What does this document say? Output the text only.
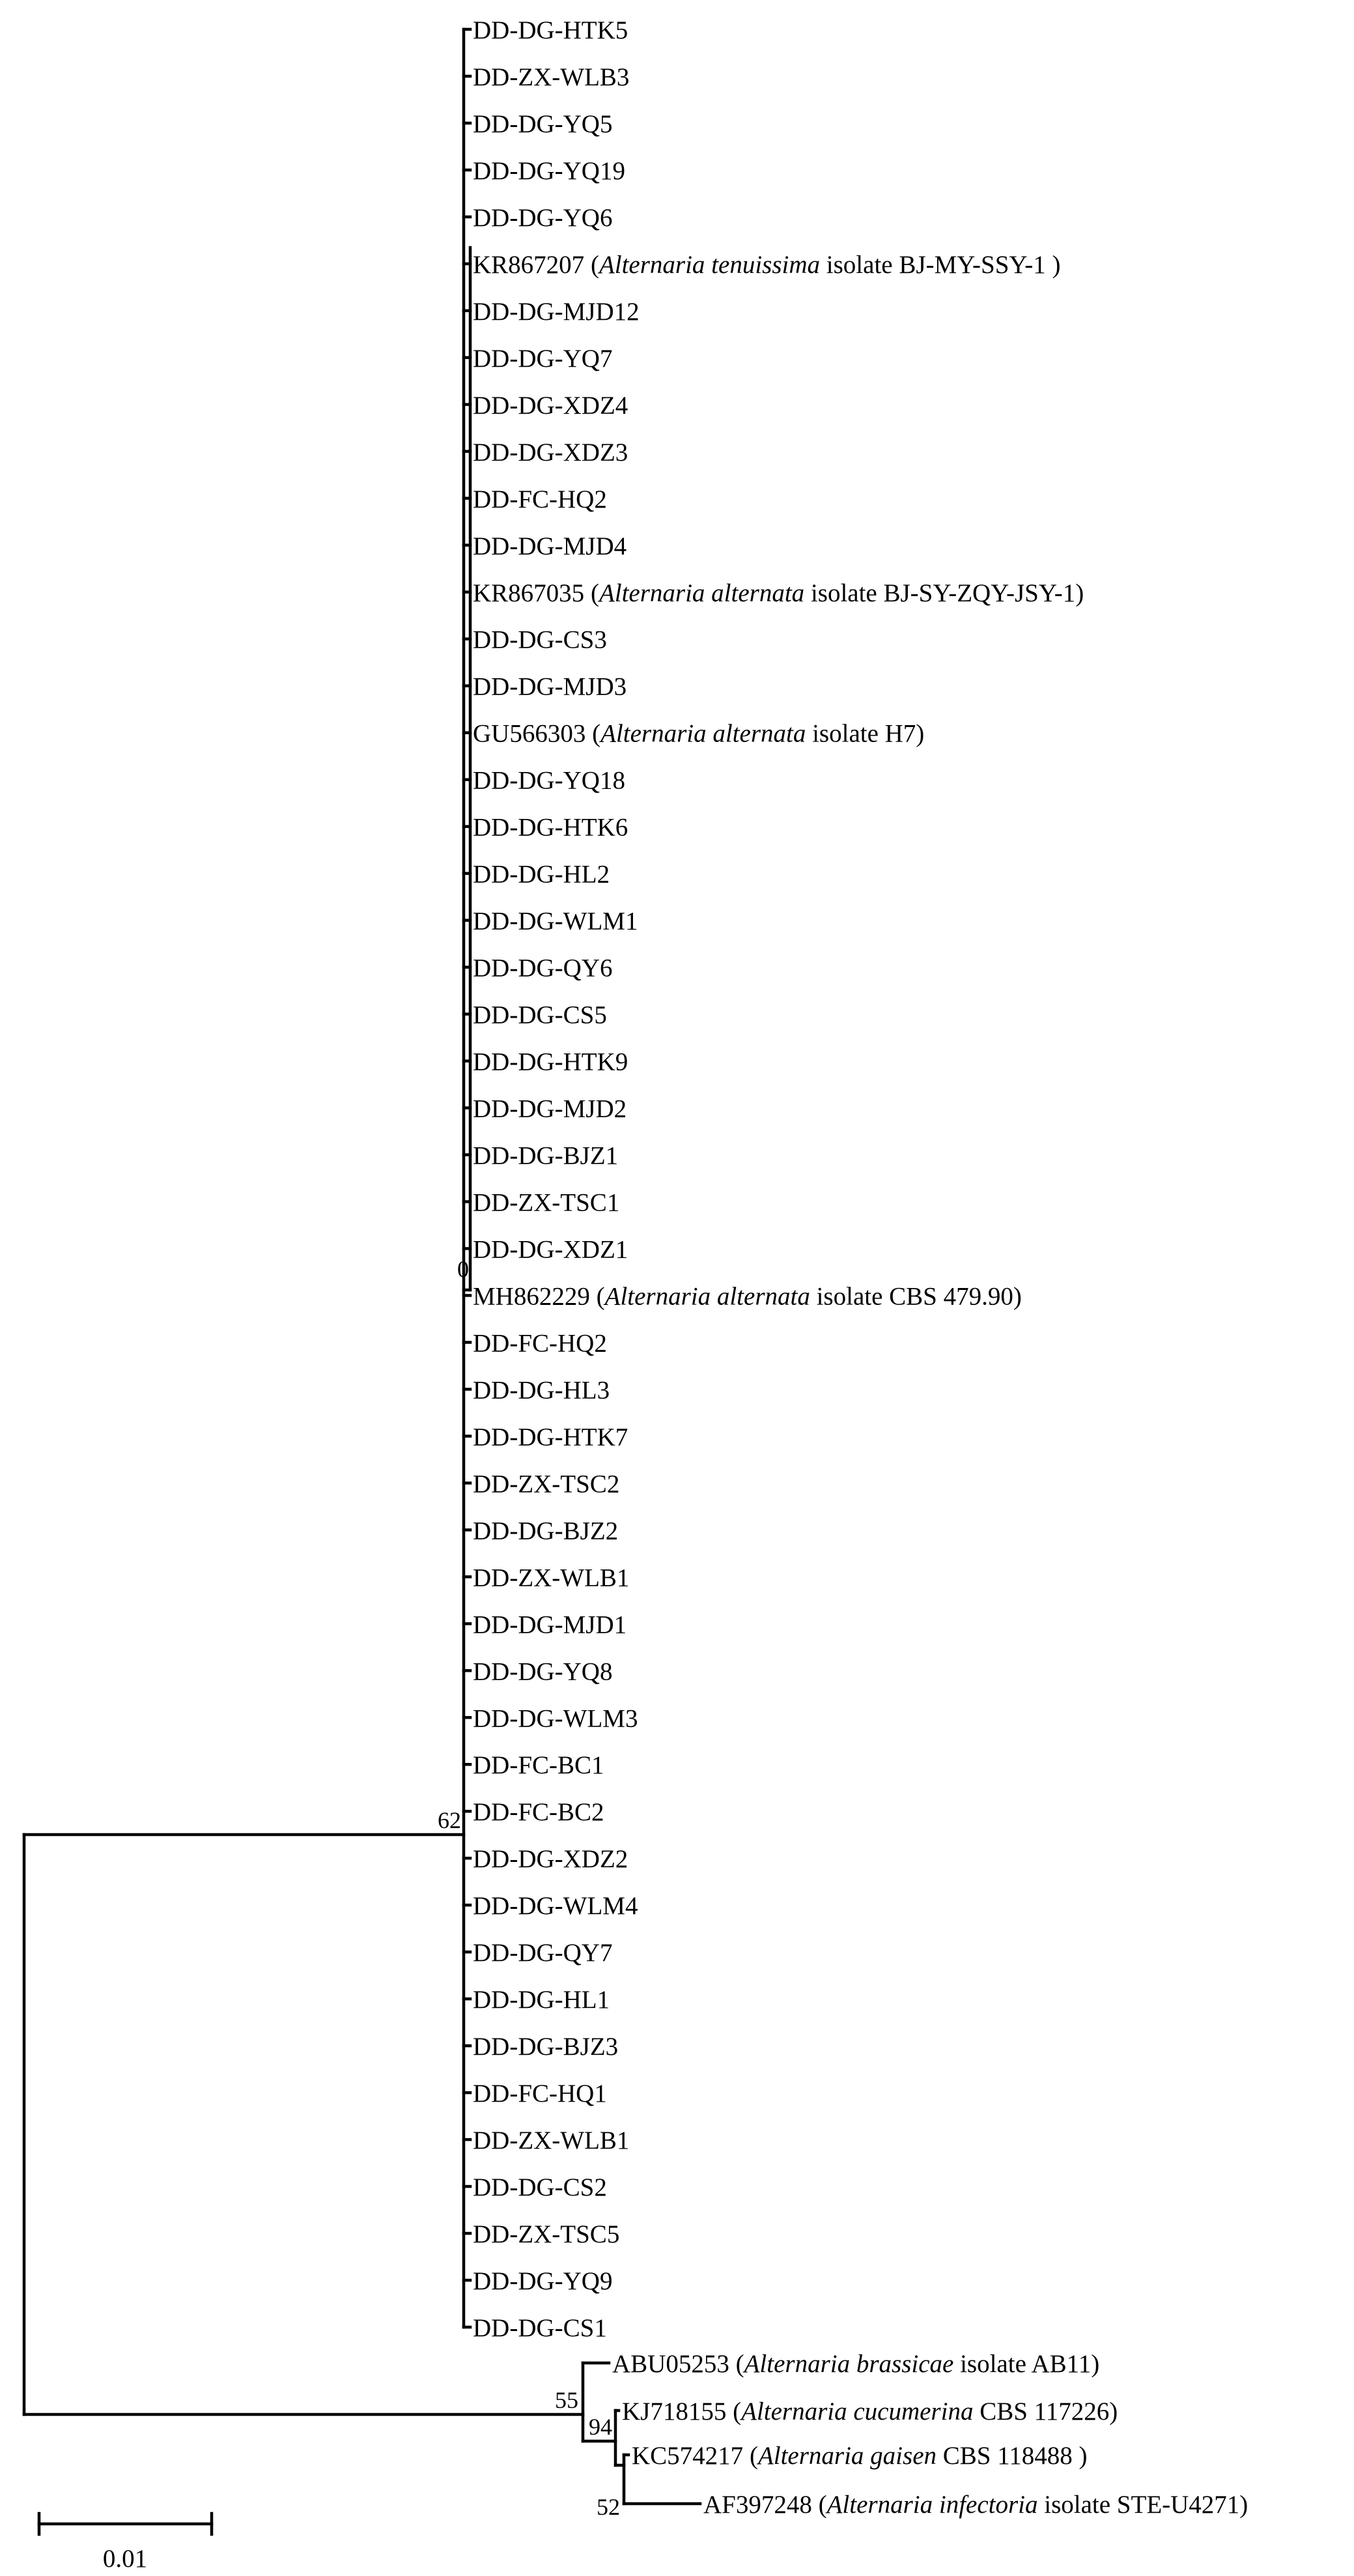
DD-DG-HTK5
DD-ZX-WLB3
DD-DG-YQ5
DD-DG-YQ19
DD-DG-YQ6
KR867207 (Alternaria tenuissima isolate BJ-MY-SSY-1 )
DD-DG-MJD12
DD-DG-YQ7
DD-DG-XDZ4
DD-DG-XDZ3
DD-FC-HQ2
DD-DG-MJD4
KR867035 (Alternaria alternata isolate BJ-SY-ZQY-JSY-1)
DD-DG-CS3
DD-DG-MJD3
GU566303 (Alternaria alternata isolate H7)
DD-DG-YQ18
DD-DG-HTK6
DD-DG-HL2
DD-DG-WLM1
DD-DG-QY6
DD-DG-CS5
DD-DG-HTK9
DD-DG-MJD2
DD-DG-BJZ1
DD-ZX-TSC1
DD-DG-XDZ1
MH862229 (Alternaria alternata isolate CBS 479.90)
DD-FC-HQ2
DD-DG-HL3
DD-DG-HTK7
DD-ZX-TSC2
DD-DG-BJZ2
DD-ZX-WLB1
DD-DG-MJD1
DD-DG-YQ8
DD-DG-WLM3
DD-FC-BC1
DD-FC-BC2
DD-DG-XDZ2
DD-DG-WLM4
DD-DG-QY7
DD-DG-HL1
DD-DG-BJZ3
DD-FC-HQ1
DD-ZX-WLB1
DD-DG-CS2
DD-ZX-TSC5
DD-DG-YQ9
DD-DG-CS1
ABU05253 (Alternaria brassicae isolate AB11)
KJ718155 (Alternaria cucumerina CBS 117226)
KC574217 (Alternaria gaisen CBS 118488 )
AF397248 (Alternaria infectoria isolate STE-U4271)
62
0
55
94
52
0.01
